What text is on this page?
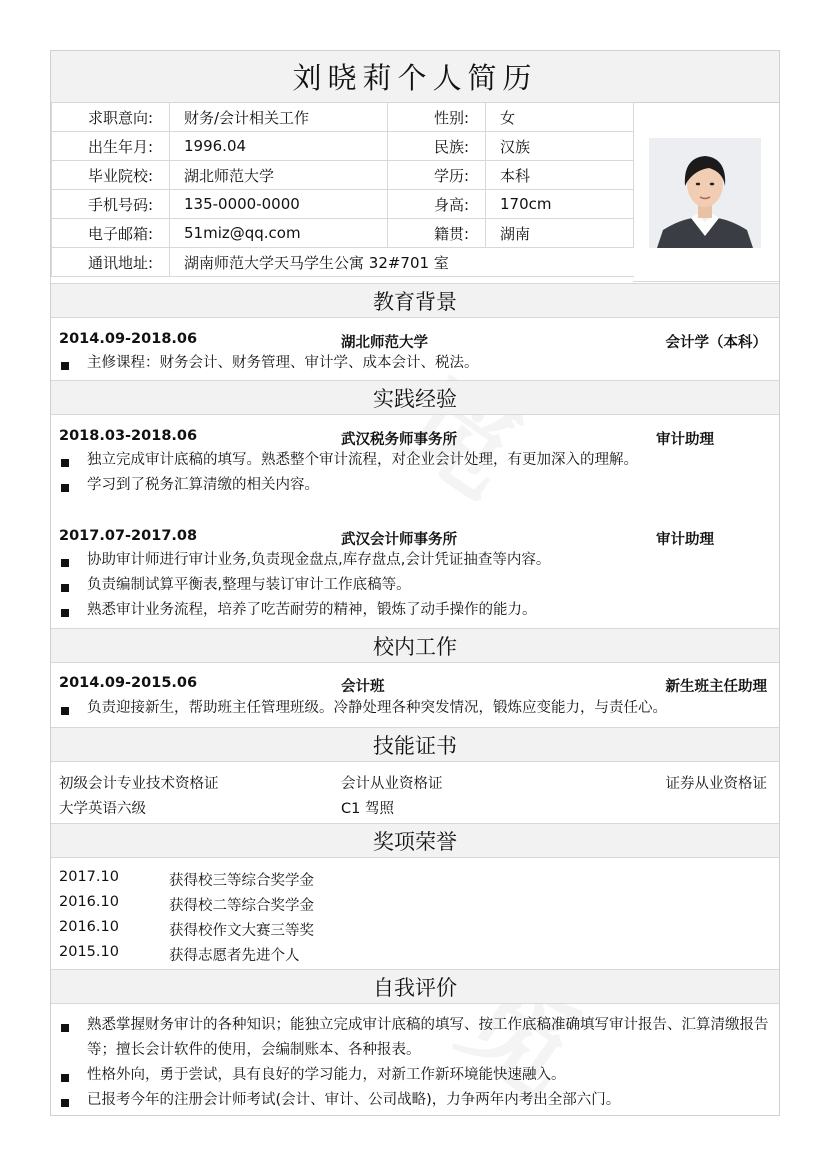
刘晓莉个人简历
求职意向:	财务/会计相关工作	性别:	女
出生年月:	1996.04	民族:	汉族
毕业院校:	湖北师范大学	学历:	本科
手机号码:	135-0000-0000	身高:	170cm
电子邮箱:	51miz@qq.com	籍贯:	湖南
通讯地址:	湖南师范大学天马学生公寓 32#701 室		
教育背景
2014.09-2018.06	湖北师范大学	会计学（本科）
主修课程：财务会计、财务管理、审计学、成本会计、税法。
实践经验
2018.03-2018.06	武汉税务师事务所	审计助理
独立完成审计底稿的填写。熟悉整个审计流程，对企业会计处理，有更加深入的理解。
学习到了税务汇算清缴的相关内容。
2017.07-2017.08	武汉会计师事务所	审计助理
协助审计师进行审计业务,负责现金盘点,库存盘点,会计凭证抽查等内容。
负责编制试算平衡表,整理与装订审计工作底稿等。
熟悉审计业务流程，培养了吃苦耐劳的精神，锻炼了动手操作的能力。
校内工作
2014.09-2015.06	会计班	新生班主任助理
负责迎接新生，帮助班主任管理班级。冷静处理各种突发情况，锻炼应变能力，与责任心。
技能证书
初级会计专业技术资格证	会计从业资格证	证券从业资格证
大学英语六级	C1 驾照
奖项荣誉
2017.10	获得校三等综合奖学金
2016.10	获得校二等综合奖学金
2016.10	获得校作文大赛三等奖
2015.10	获得志愿者先进个人
自我评价
熟悉掌握财务审计的各种知识；能独立完成审计底稿的填写、按工作底稿准确填写审计报告、汇算清缴报告等；擅长会计软件的使用，会编制账本、各种报表。
性格外向，勇于尝试，具有良好的学习能力，对新工作新环境能快速融入。
已报考今年的注册会计师考试(会计、审计、公司战略)，力争两年内考出全部六门。
